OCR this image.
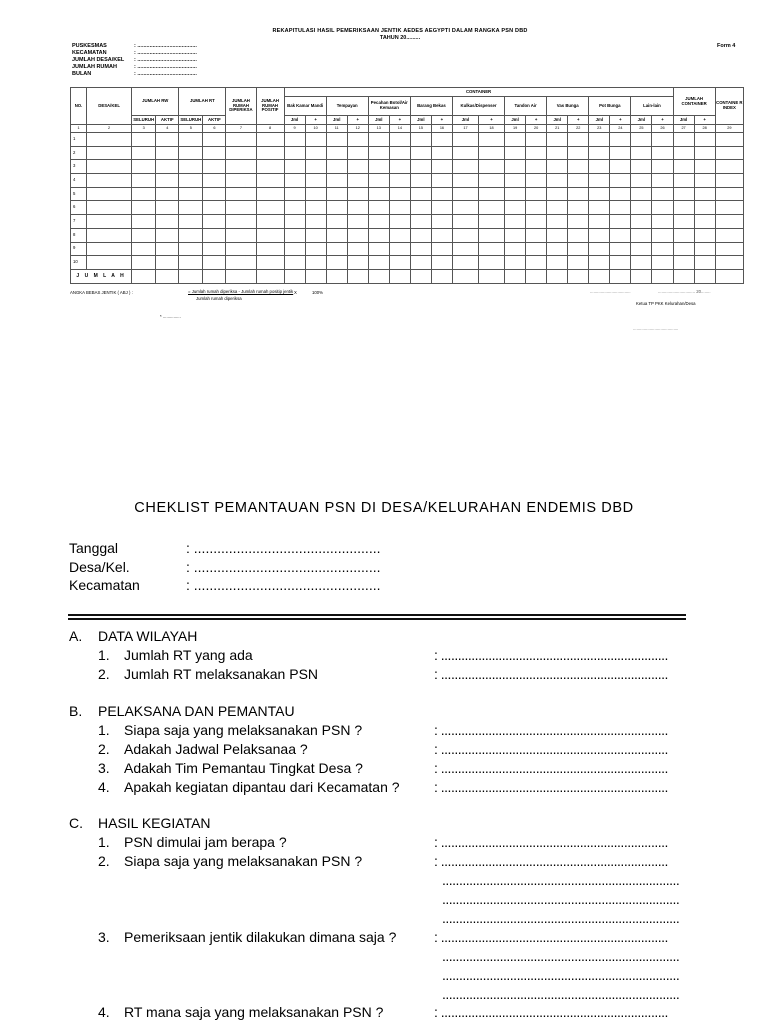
REKAPITULASI HASIL PEMERIKSAAN JENTIK AEDES AEGYPTI DALAM RANGKA PSN DBD
TAHUN 20.........
Form 4
PUSKESMAS	: .......................................
KECAMATAN	: .......................................
JUMLAH DESA/KEL : .......................................
JUMLAH RUMAH	: .......................................
BULAN	: .......................................
NO.	DESA/KEL	JUMLAH RW		JUMLAH RT		JUMLAH RUMAH DIPERIKSA	JUMLAH RUMAH POSITIF	CONTAINER																		JUMLAH CONTAINER		CONTAINE R INDEX
								Bak Kamar Mandi		Tempayan		Pecahan Botol/Air Kemasan		Barang Bekas		Kulkas/Dispenser		Tandon Air		Vas Bunga		Pot Bunga		Lain-lain				
		SELURUH	AKTIF	SELURUH	AKTIF			Jml	+	Jml	+	Jml	+	Jml	+	Jml	+	Jml	+	Jml	+	Jml	+	Jml	+	Jml	+	
1	2	3	4	5	6	7	8	9	10	11	12	13	14	15	16	17	18	19	20	21	22	23	24	25	26	27	28	29
1																												
2																												
3																												
4																												
5																												
6																												
7																												
8																												
9																												
10																												
J U M L A H																												
ANGKA BEBAS JENTIK ( ABJ ) :	= Jumlah rumah diperiksa - Jumlah rumah positip jentik
Jumlah rumah diperiksa
X	100%	..................................	............................... 20........
Ketua TP PKK Kelurahan/Desa
* ...............
......................................
CHEKLIST PEMANTAUAN PSN DI DESA/KELURAHAN ENDEMIS DBD
Tanggal	: ................................................
Desa/Kel.	: ................................................
Kecamatan	: ................................................
A. DATA WILAYAH
1. Jumlah RT yang ada	: ...................................................................
2. Jumlah RT melaksanakan PSN	: ...................................................................
B. PELAKSANA DAN PEMANTAU
1. Siapa saja yang melaksanakan PSN ?	: ...................................................................
2. Adakah Jadwal Pelaksanaa ?	: ...................................................................
3. Adakah Tim Pemantau Tingkat Desa ?	: ...................................................................
4. Apakah kegiatan dipantau dari Kecamatan ? : ...................................................................
C. HASIL KEGIATAN
1. PSN dimulai jam berapa ?	: ...................................................................
2. Siapa saja yang melaksanakan PSN ?	: ...................................................................
......................................................................
......................................................................
......................................................................
3. Pemeriksaan jentik dilakukan dimana saja ?	: ...................................................................
......................................................................
......................................................................
......................................................................
4. RT mana saja yang melaksanakan PSN ?	: ...................................................................
